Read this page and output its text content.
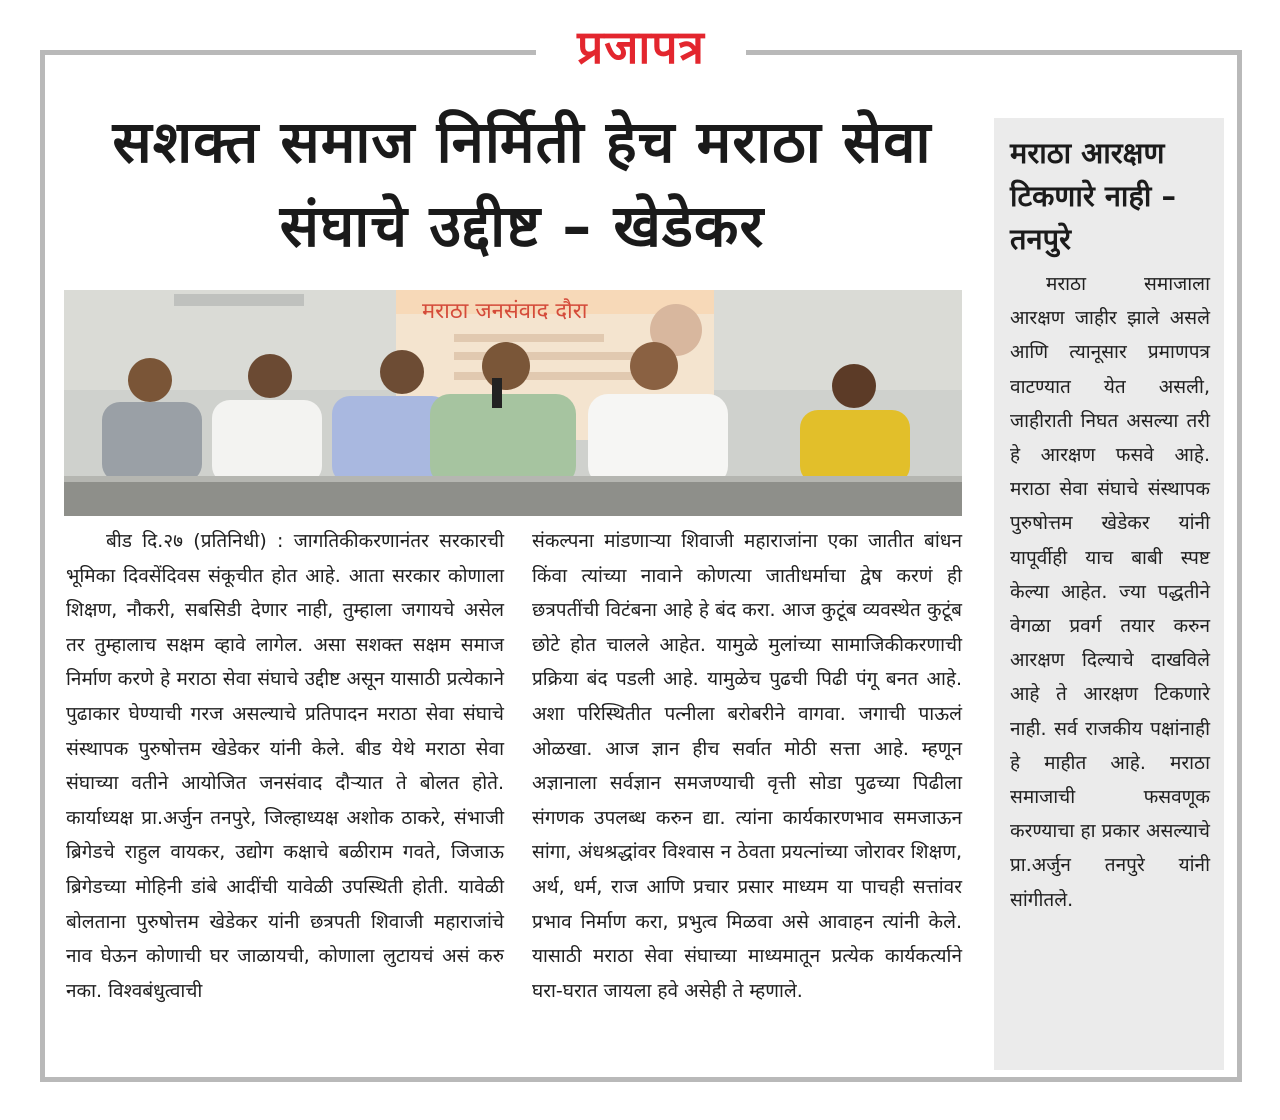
प्रजापत्र
सशक्त समाज निर्मिती हेच मराठा सेवा संघाचे उद्दीष्ट – खेडेकर
मराठा जनसंवाद दौरा

बीड दि.२७ (प्रतिनिधी) : जागतिकीकरणानंतर सरकारची भूमिका दिवसेंदिवस संकूचीत होत आहे. आता सरकार कोणाला शिक्षण, नौकरी, सबसिडी देणार नाही, तुम्हाला जगायचे असेल तर तुम्हालाच सक्षम व्हावे लागेल. असा सशक्त सक्षम समाज निर्माण करणे हे मराठा सेवा संघाचे उद्दीष्ट असून यासाठी प्रत्येकाने पुढाकार घेण्याची गरज असल्याचे प्रतिपादन मराठा सेवा संघाचे संस्थापक पुरुषोत्तम खेडेकर यांनी केले. बीड येथे मराठा सेवा संघाच्या वतीने आयोजित जनसंवाद दौऱ्यात ते बोलत होते. कार्याध्यक्ष प्रा.अर्जुन तनपुरे, जिल्हाध्यक्ष अशोक ठाकरे, संभाजी ब्रिगेडचे राहुल वायकर, उद्योग कक्षाचे बळीराम गवते, जिजाऊ ब्रिगेडच्या मोहिनी डांबे आदींची यावेळी उपस्थिती होती. यावेळी बोलताना पुरुषोत्तम खेडेकर यांनी छत्रपती शिवाजी महाराजांचे नाव घेऊन कोणाची घर जाळायची, कोणाला लुटायचं असं करु नका. विश्वबंधुत्वाची

संकल्पना मांडणाऱ्या शिवाजी महाराजांना एका जातीत बांधन किंवा त्यांच्या नावाने कोणत्या जातीधर्माचा द्वेष करणं ही छत्रपतींची विटंबना आहे हे बंद करा. आज कुटूंब व्यवस्थेत कुटूंब छोटे होत चालले आहेत. यामुळे मुलांच्या सामाजिकीकरणाची प्रक्रिया बंद पडली आहे. यामुळेच पुढची पिढी पंगू बनत आहे. अशा परिस्थितीत पत्नीला बरोबरीने वागवा. जगाची पाऊलं ओळखा. आज ज्ञान हीच सर्वात मोठी सत्ता आहे. म्हणून अज्ञानाला सर्वज्ञान समजण्याची वृत्ती सोडा पुढच्या पिढीला संगणक उपलब्ध करुन द्या. त्यांना कार्यकारणभाव समजाऊन सांगा, अंधश्रद्धांवर विश्वास न ठेवता प्रयत्नांच्या जोरावर शिक्षण, अर्थ, धर्म, राज आणि प्रचार प्रसार माध्यम या पाचही सत्तांवर प्रभाव निर्माण करा, प्रभुत्व मिळवा असे आवाहन त्यांनी केले. यासाठी मराठा सेवा संघाच्या माध्यमातून प्रत्येक कार्यकर्त्याने घरा-घरात जायला हवे असेही ते म्हणाले.

मराठा आरक्षण टिकणारे नाही – तनपुरे

मराठा समाजाला आरक्षण जाहीर झाले असले आणि त्यानूसार प्रमाणपत्र वाटण्यात येत असली, जाहीराती निघत असल्या तरी हे आरक्षण फसवे आहे. मराठा सेवा संघाचे संस्थापक पुरुषोत्तम खेडेकर यांनी यापूर्वीही याच बाबी स्पष्ट केल्या आहेत. ज्या पद्धतीने वेगळा प्रवर्ग तयार करुन आरक्षण दिल्याचे दाखविले आहे ते आरक्षण टिकणारे नाही. सर्व राजकीय पक्षांनाही हे माहीत आहे. मराठा समाजाची फसवणूक करण्याचा हा प्रकार असल्याचे प्रा.अर्जुन तनपुरे यांनी सांगीतले.
